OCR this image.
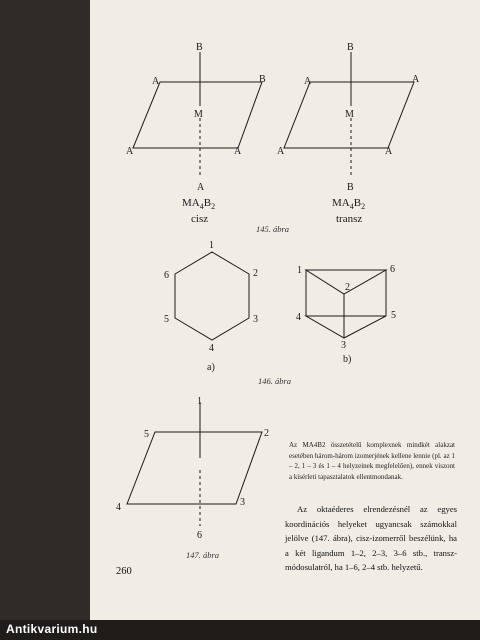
B
A	B
M
A	A
A
B
A	A
M
A	A
B
$MA_4B_2$
cisz
$MA_4B_2$
transz
145. ábra
1
2
3
4
5
6
a)
1
2
3
4	5
6
b)
146. ábra
1
2
3
4
5
6
147. ábra
Az MA4B2 összetételű komplexnek mindkét alakzat esetében három-három izomerjének kellene lennie (pl. az 1 – 2, 1 – 3 és 1 – 4 helyzeinek megfelelően), ennek viszont a kísérleti tapasztalatok ellentmondanak.
Az oktaéderes elrendezésnél az egyes koordinációs helyeket ugyancsak számokkal jelölve (147. ábra), cisz-izomerről beszélünk, ha a két ligandum 1–2, 2–3, 3–6 stb., transz-módosulatról, ha 1–6, 2–4 stb. helyzetű.
260
Antikvarium.hu
